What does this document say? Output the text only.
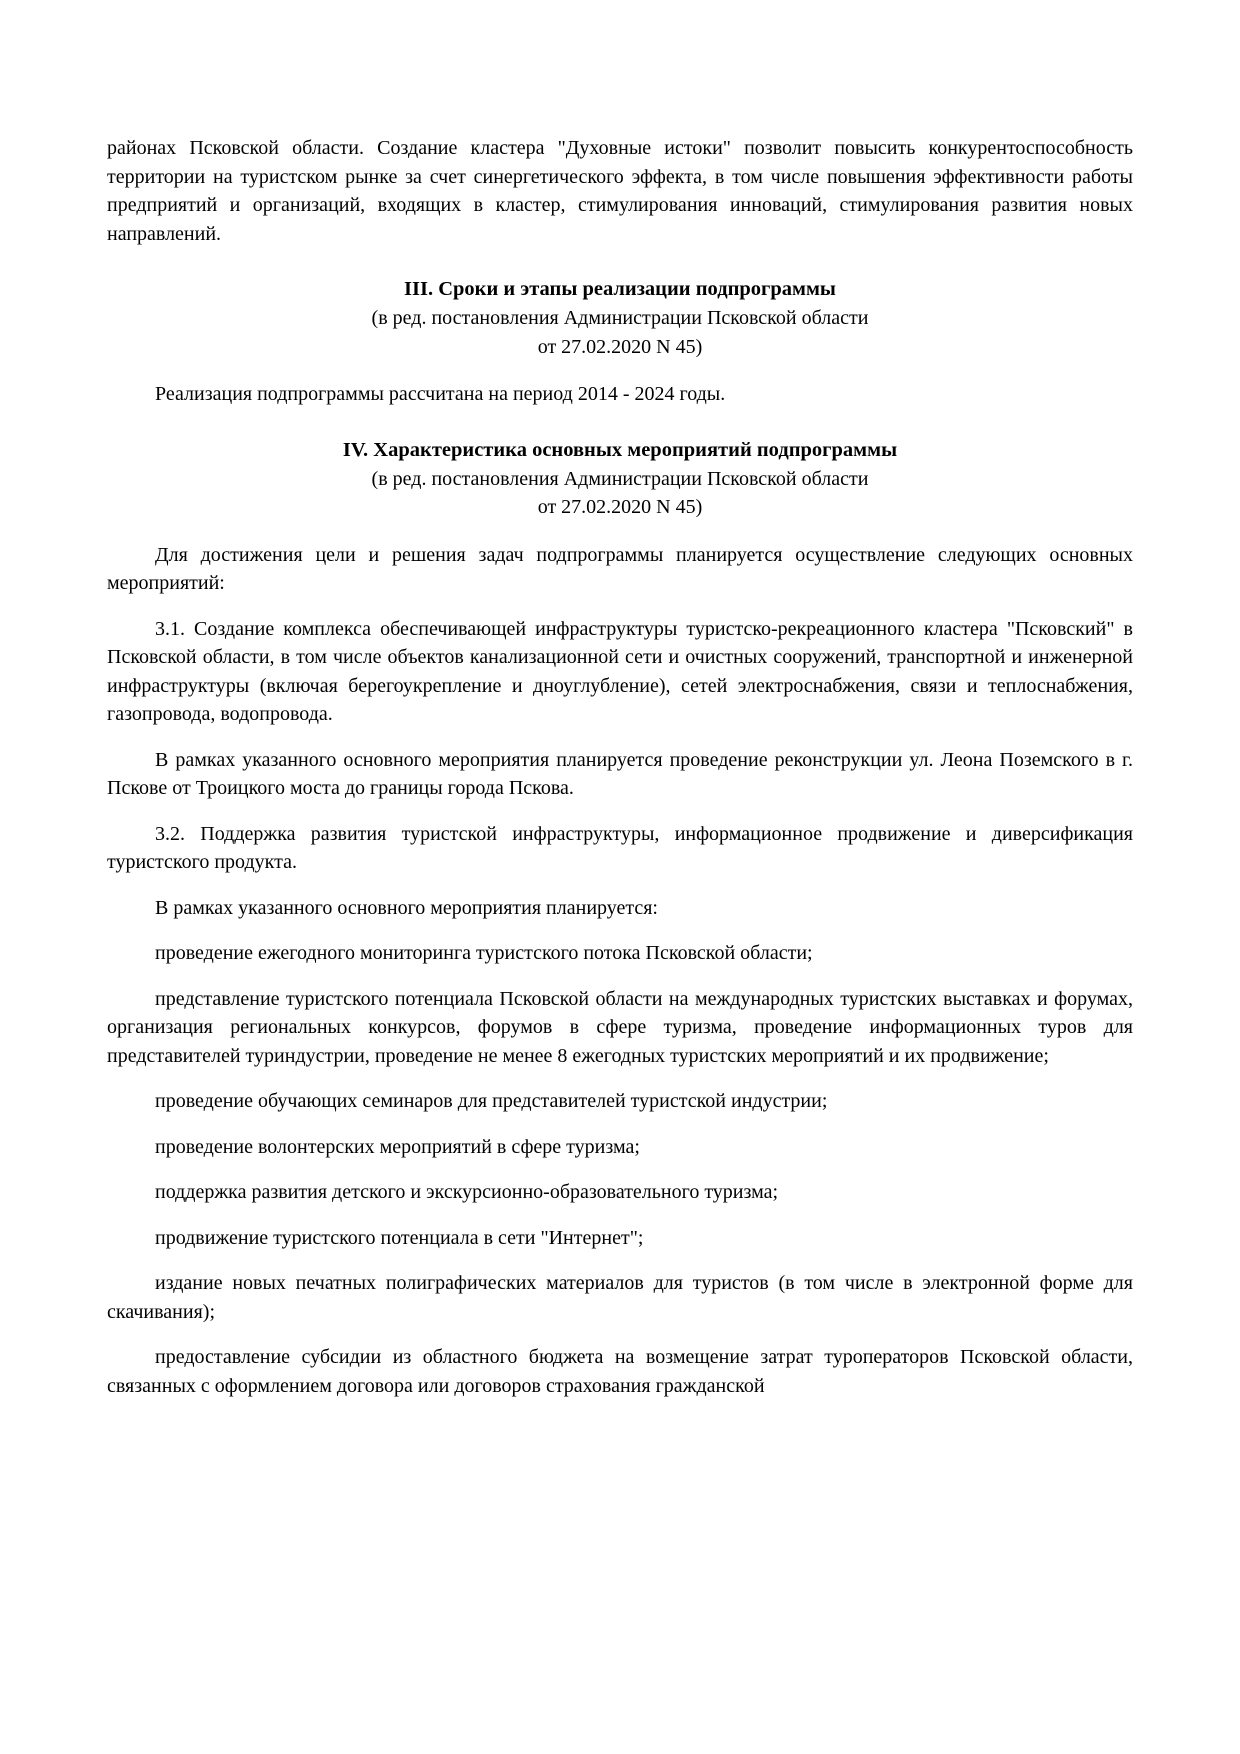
районах Псковской области. Создание кластера "Духовные истоки" позволит повысить конкурентоспособность территории на туристском рынке за счет синергетического эффекта, в том числе повышения эффективности работы предприятий и организаций, входящих в кластер, стимулирования инноваций, стимулирования развития новых направлений.

III. Сроки и этапы реализации подпрограммы

(в ред. постановления Администрации Псковской области

от 27.02.2020 N 45)

Реализация подпрограммы рассчитана на период 2014 - 2024 годы.

IV. Характеристика основных мероприятий подпрограммы

(в ред. постановления Администрации Псковской области

от 27.02.2020 N 45)

Для достижения цели и решения задач подпрограммы планируется осуществление следующих основных мероприятий:

3.1. Создание комплекса обеспечивающей инфраструктуры туристско-рекреационного кластера "Псковский" в Псковской области, в том числе объектов канализационной сети и очистных сооружений, транспортной и инженерной инфраструктуры (включая берегоукрепление и дноуглубление), сетей электроснабжения, связи и теплоснабжения, газопровода, водопровода.

В рамках указанного основного мероприятия планируется проведение реконструкции ул. Леона Поземского в г. Пскове от Троицкого моста до границы города Пскова.

3.2. Поддержка развития туристской инфраструктуры, информационное продвижение и диверсификация туристского продукта.

В рамках указанного основного мероприятия планируется:

проведение ежегодного мониторинга туристского потока Псковской области;

представление туристского потенциала Псковской области на международных туристских выставках и форумах, организация региональных конкурсов, форумов в сфере туризма, проведение информационных туров для представителей туриндустрии, проведение не менее 8 ежегодных туристских мероприятий и их продвижение;

проведение обучающих семинаров для представителей туристской индустрии;

проведение волонтерских мероприятий в сфере туризма;

поддержка развития детского и экскурсионно-образовательного туризма;

продвижение туристского потенциала в сети "Интернет";

издание новых печатных полиграфических материалов для туристов (в том числе в электронной форме для скачивания);

предоставление субсидии из областного бюджета на возмещение затрат туроператоров Псковской области, связанных с оформлением договора или договоров страхования гражданской
